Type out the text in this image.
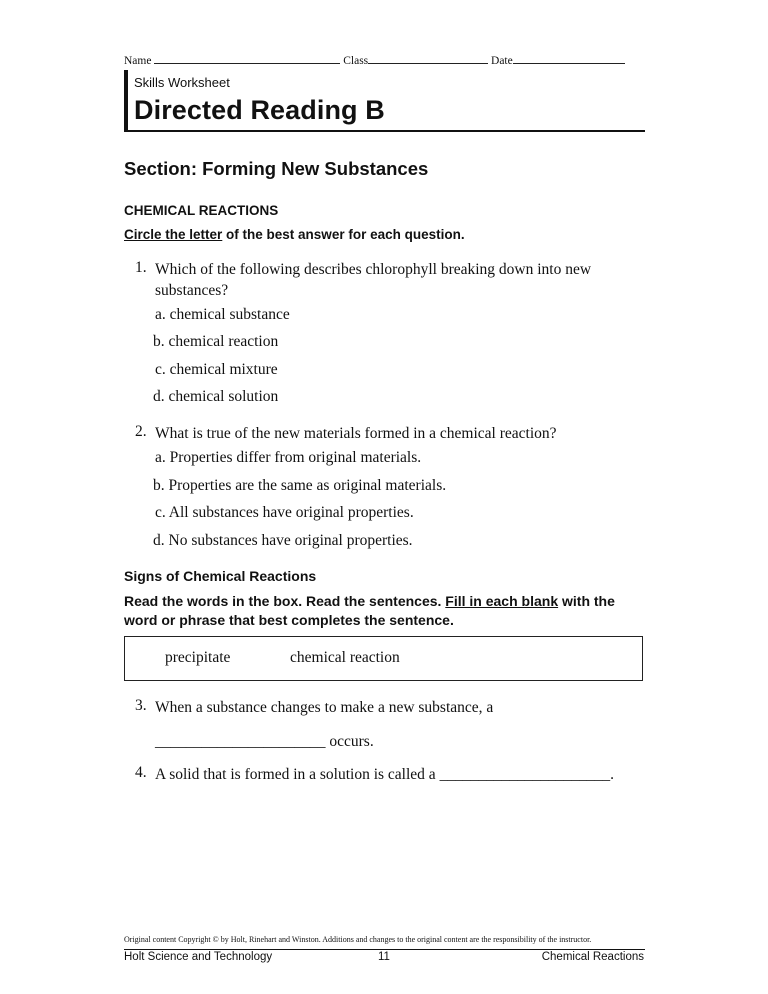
Name	Class	Date
Skills Worksheet
Directed Reading B
Section: Forming New Substances
CHEMICAL REACTIONS
Circle the letter of the best answer for each question.
1. Which of the following describes chlorophyll breaking down into new
substances?
a. chemical substance
b. chemical reaction
c. chemical mixture
d. chemical solution
2. What is true of the new materials formed in a chemical reaction?
a. Properties differ from original materials.
b. Properties are the same as original materials.
c. All substances have original properties.
d. No substances have original properties.
Signs of Chemical Reactions
Read the words in the box. Read the sentences. Fill in each blank with the word or phrase that best completes the sentence.
precipitate	chemical reaction
3. When a substance changes to make a new substance, a
______________________ occurs.
4. A solid that is formed in a solution is called a ______________________.
Original content Copyright © by Holt, Rinehart and Winston. Additions and changes to the original content are the responsibility of the instructor.
Holt Science and Technology	11	Chemical Reactions
